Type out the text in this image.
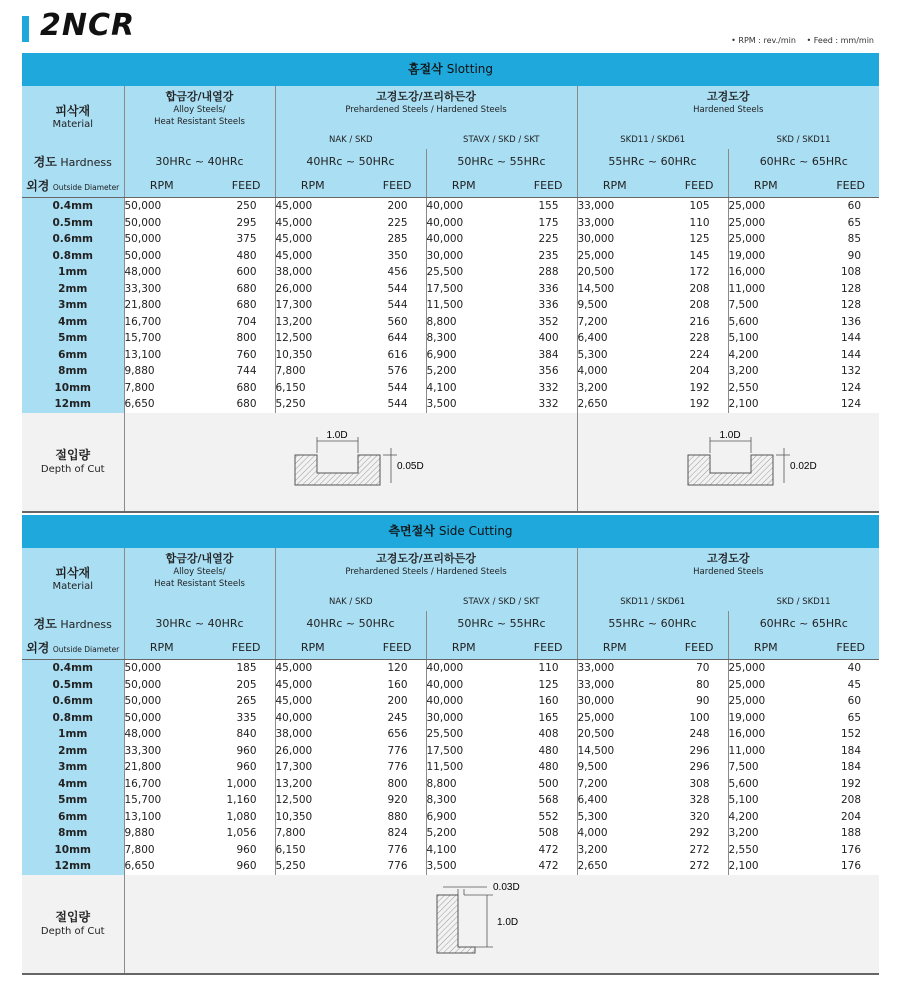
2NCR	• RPM : rev./min • Feed : mm/min
홈절삭 Slotting
피삭재
Material	합금강/내열강
Alloy Steels/
Heat Resistant Steels		고경도강/프리하든강
Prehardened Steels / Hardened Steels				고경도강
Hardened Steels			

			NAK / SKD		STAVX / SKD / SKT		SKD11 / SKD61		SKD / SKD11	
경도 Hardness	30HRc ~ 40HRc		40HRc ~ 50HRc		50HRc ~ 55HRc		55HRc ~ 60HRc		60HRc ~ 65HRc	
외경 Outside Diameter	RPM	FEED	RPM	FEED	RPM	FEED	RPM	FEED	RPM	FEED
0.4mm	50,000	250	45,000	200	40,000	155	33,000	105	25,000	60
0.5mm	50,000	295	45,000	225	40,000	175	33,000	110	25,000	65
0.6mm	50,000	375	45,000	285	40,000	225	30,000	125	25,000	85
0.8mm	50,000	480	45,000	350	30,000	235	25,000	145	19,000	90
1mm	48,000	600	38,000	456	25,500	288	20,500	172	16,000	108
2mm	33,300	680	26,000	544	17,500	336	14,500	208	11,000	128
3mm	21,800	680	17,300	544	11,500	336	9,500	208	7,500	128
4mm	16,700	704	13,200	560	8,800	352	7,200	216	5,600	136
5mm	15,700	800	12,500	644	8,300	400	6,400	228	5,100	144
6mm	13,100	760	10,350	616	6,900	384	5,300	224	4,200	144
8mm	9,880	744	7,800	576	5,200	356	4,000	204	3,200	132
10mm	7,800	680	6,150	544	4,100	332	3,200	192	2,550	124
12mm	6,650	680	5,250	544	3,500	332	2,650	192	2,100	124

절입량
Depth of Cut	1.0D
0.05D						1.0D
0.02D			
측면절삭 Side Cutting
피삭재
Material	합금강/내열강
Alloy Steels/
Heat Resistant Steels		고경도강/프리하든강
Prehardened Steels / Hardened Steels				고경도강
Hardened Steels			

			NAK / SKD		STAVX / SKD / SKT		SKD11 / SKD61		SKD / SKD11	
경도 Hardness	30HRc ~ 40HRc		40HRc ~ 50HRc		50HRc ~ 55HRc		55HRc ~ 60HRc		60HRc ~ 65HRc	
외경 Outside Diameter	RPM	FEED	RPM	FEED	RPM	FEED	RPM	FEED	RPM	FEED
0.4mm	50,000	185	45,000	120	40,000	110	33,000	70	25,000	40
0.5mm	50,000	205	45,000	160	40,000	125	33,000	80	25,000	45
0.6mm	50,000	265	45,000	200	40,000	160	30,000	90	25,000	60
0.8mm	50,000	335	40,000	245	30,000	165	25,000	100	19,000	65
1mm	48,000	840	38,000	656	25,500	408	20,500	248	16,000	152
2mm	33,300	960	26,000	776	17,500	480	14,500	296	11,000	184
3mm	21,800	960	17,300	776	11,500	480	9,500	296	7,500	184
4mm	16,700	1,000	13,200	800	8,800	500	7,200	308	5,600	192
5mm	15,700	1,160	12,500	920	8,300	568	6,400	328	5,100	208
6mm	13,100	1,080	10,350	880	6,900	552	5,300	320	4,200	204
8mm	9,880	1,056	7,800	824	5,200	508	4,000	292	3,200	188
10mm	7,800	960	6,150	776	4,100	472	3,200	272	2,550	176
12mm	6,650	960	5,250	776	3,500	472	2,650	272	2,100	176

절입량
Depth of Cut	0.03D
1.0D									
